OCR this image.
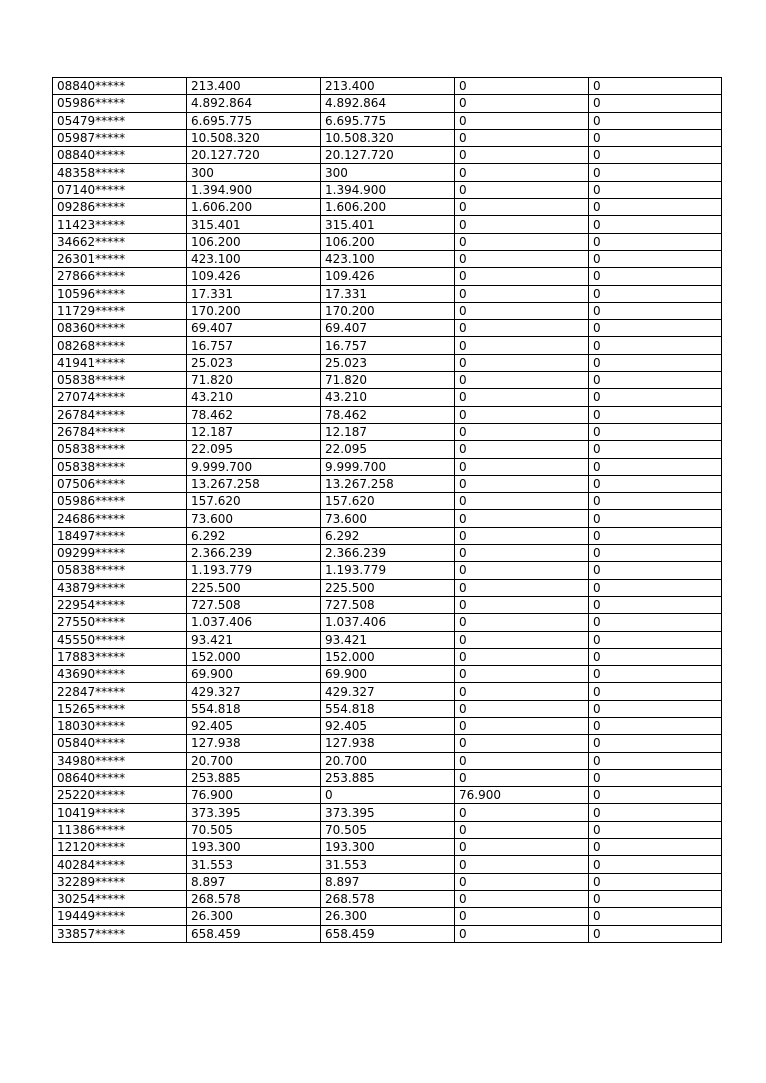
08840*****	213.400	213.400	0	0
05986*****	4.892.864	4.892.864	0	0
05479*****	6.695.775	6.695.775	0	0
05987*****	10.508.320	10.508.320	0	0
08840*****	20.127.720	20.127.720	0	0
48358*****	300	300	0	0
07140*****	1.394.900	1.394.900	0	0
09286*****	1.606.200	1.606.200	0	0
11423*****	315.401	315.401	0	0
34662*****	106.200	106.200	0	0
26301*****	423.100	423.100	0	0
27866*****	109.426	109.426	0	0
10596*****	17.331	17.331	0	0
11729*****	170.200	170.200	0	0
08360*****	69.407	69.407	0	0
08268*****	16.757	16.757	0	0
41941*****	25.023	25.023	0	0
05838*****	71.820	71.820	0	0
27074*****	43.210	43.210	0	0
26784*****	78.462	78.462	0	0
26784*****	12.187	12.187	0	0
05838*****	22.095	22.095	0	0
05838*****	9.999.700	9.999.700	0	0
07506*****	13.267.258	13.267.258	0	0
05986*****	157.620	157.620	0	0
24686*****	73.600	73.600	0	0
18497*****	6.292	6.292	0	0
09299*****	2.366.239	2.366.239	0	0
05838*****	1.193.779	1.193.779	0	0
43879*****	225.500	225.500	0	0
22954*****	727.508	727.508	0	0
27550*****	1.037.406	1.037.406	0	0
45550*****	93.421	93.421	0	0
17883*****	152.000	152.000	0	0
43690*****	69.900	69.900	0	0
22847*****	429.327	429.327	0	0
15265*****	554.818	554.818	0	0
18030*****	92.405	92.405	0	0
05840*****	127.938	127.938	0	0
34980*****	20.700	20.700	0	0
08640*****	253.885	253.885	0	0
25220*****	76.900	0	76.900	0
10419*****	373.395	373.395	0	0
11386*****	70.505	70.505	0	0
12120*****	193.300	193.300	0	0
40284*****	31.553	31.553	0	0
32289*****	8.897	8.897	0	0
30254*****	268.578	268.578	0	0
19449*****	26.300	26.300	0	0
33857*****	658.459	658.459	0	0
